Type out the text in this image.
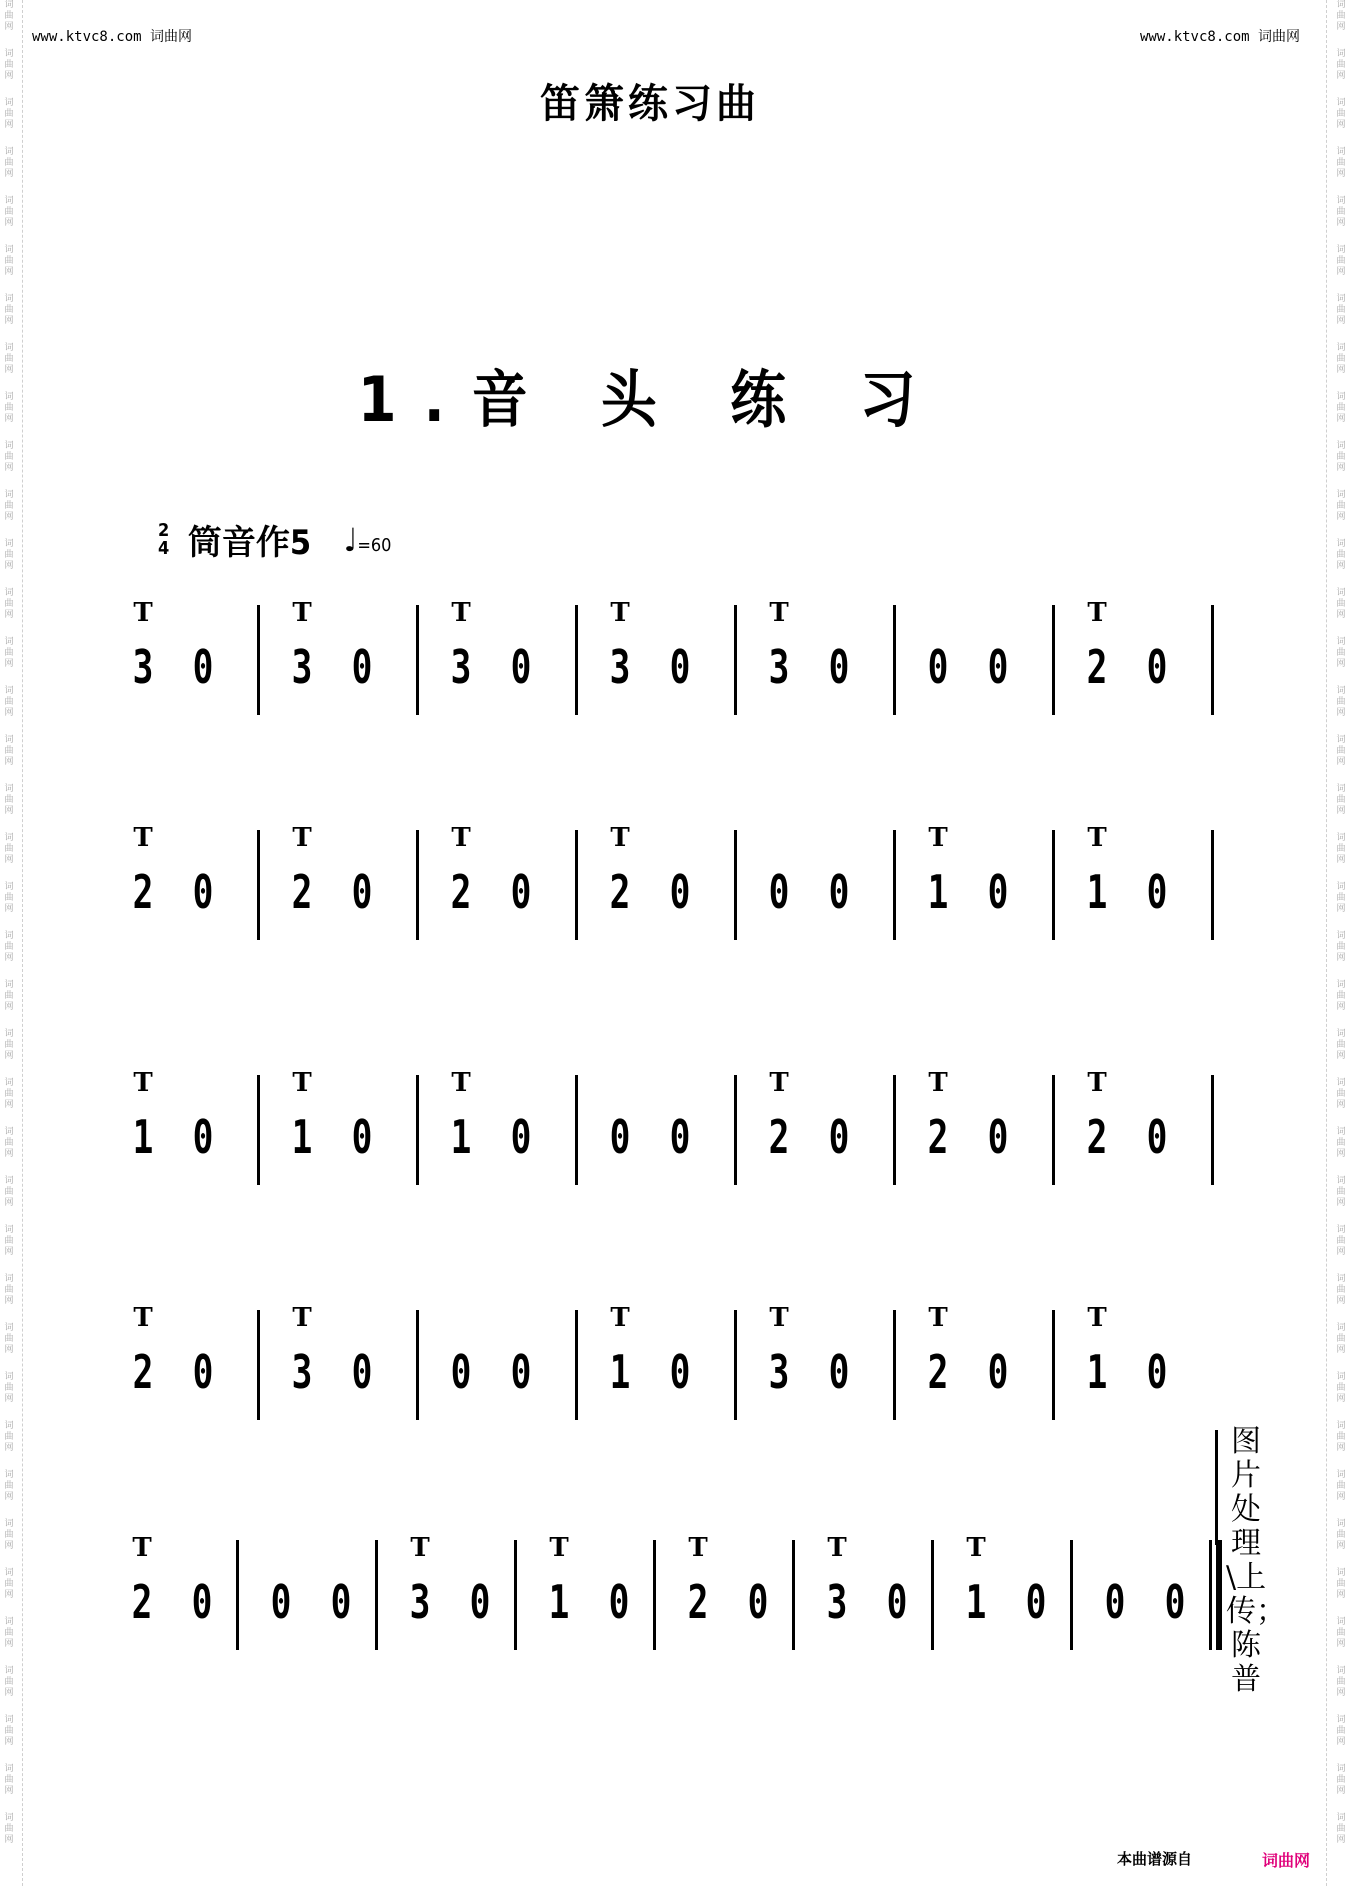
词
曲
网
词
曲
网
词
曲
网
词
曲
网
词
曲
网
词
曲
网
词
曲
网
词
曲
网
词
曲
网
词
曲
网
词
曲
网
词
曲
网
词
曲
网
词
曲
网
词
曲
网
词
曲
网
词
曲
网
词
曲
网
词
曲
网
词
曲
网
词
曲
网
词
曲
网
词
曲
网
词
曲
网
词
曲
网
词
曲
网
词
曲
网
词
曲
网
词
曲
网
词
曲
网
词
曲
网
词
曲
网
词
曲
网
词
曲
网
词
曲
网
词
曲
网
词
曲
网
词
曲
网
词
曲
网
词
曲
网
词
曲
网
词
曲
网
词
曲
网
词
曲
网
词
曲
网
词
曲
网
词
曲
网
词
曲
网
词
曲
网
词
曲
网
词
曲
网
词
曲
网
词
曲
网
词
曲
网
词
曲
网
词
曲
网
词
曲
网
词
曲
网
词
曲
网
词
曲
网
词
曲
网
词
曲
网
词
曲
网
词
曲
网
词
曲
网
词
曲
网
词
曲
网
词
曲
网
词
曲
网
词
曲
网
词
曲
网
词
曲
网
词
曲
网
词
曲
网
词
曲
网
词
曲
网
www.ktvc8.com 词曲网	www.ktvc8.com 词曲网
笛箫练习曲
1.音 头 练 习
2
4 筒音作5 ♩=60
T
3 0
T
3 0
T
3 0
T
3 0
T
3 0 0 0
T
2 0
T
2 0
T
2 0
T
2 0
T
2 0 0 0
T
1 0
T
1 0
T
1 0
T
1 0
T
1 0 0 0
T
2 0
T
2 0
T
2 0
T
2 0
T
3 0 0 0
T
1 0
T
3 0
T
2 0
T
1 0
T
2 0 0 0
T
3 0
T
1 0
T
2 0
T
3 0
T
1 0 0 0
图片处理\上传；陈普
本曲谱源自	词曲网
